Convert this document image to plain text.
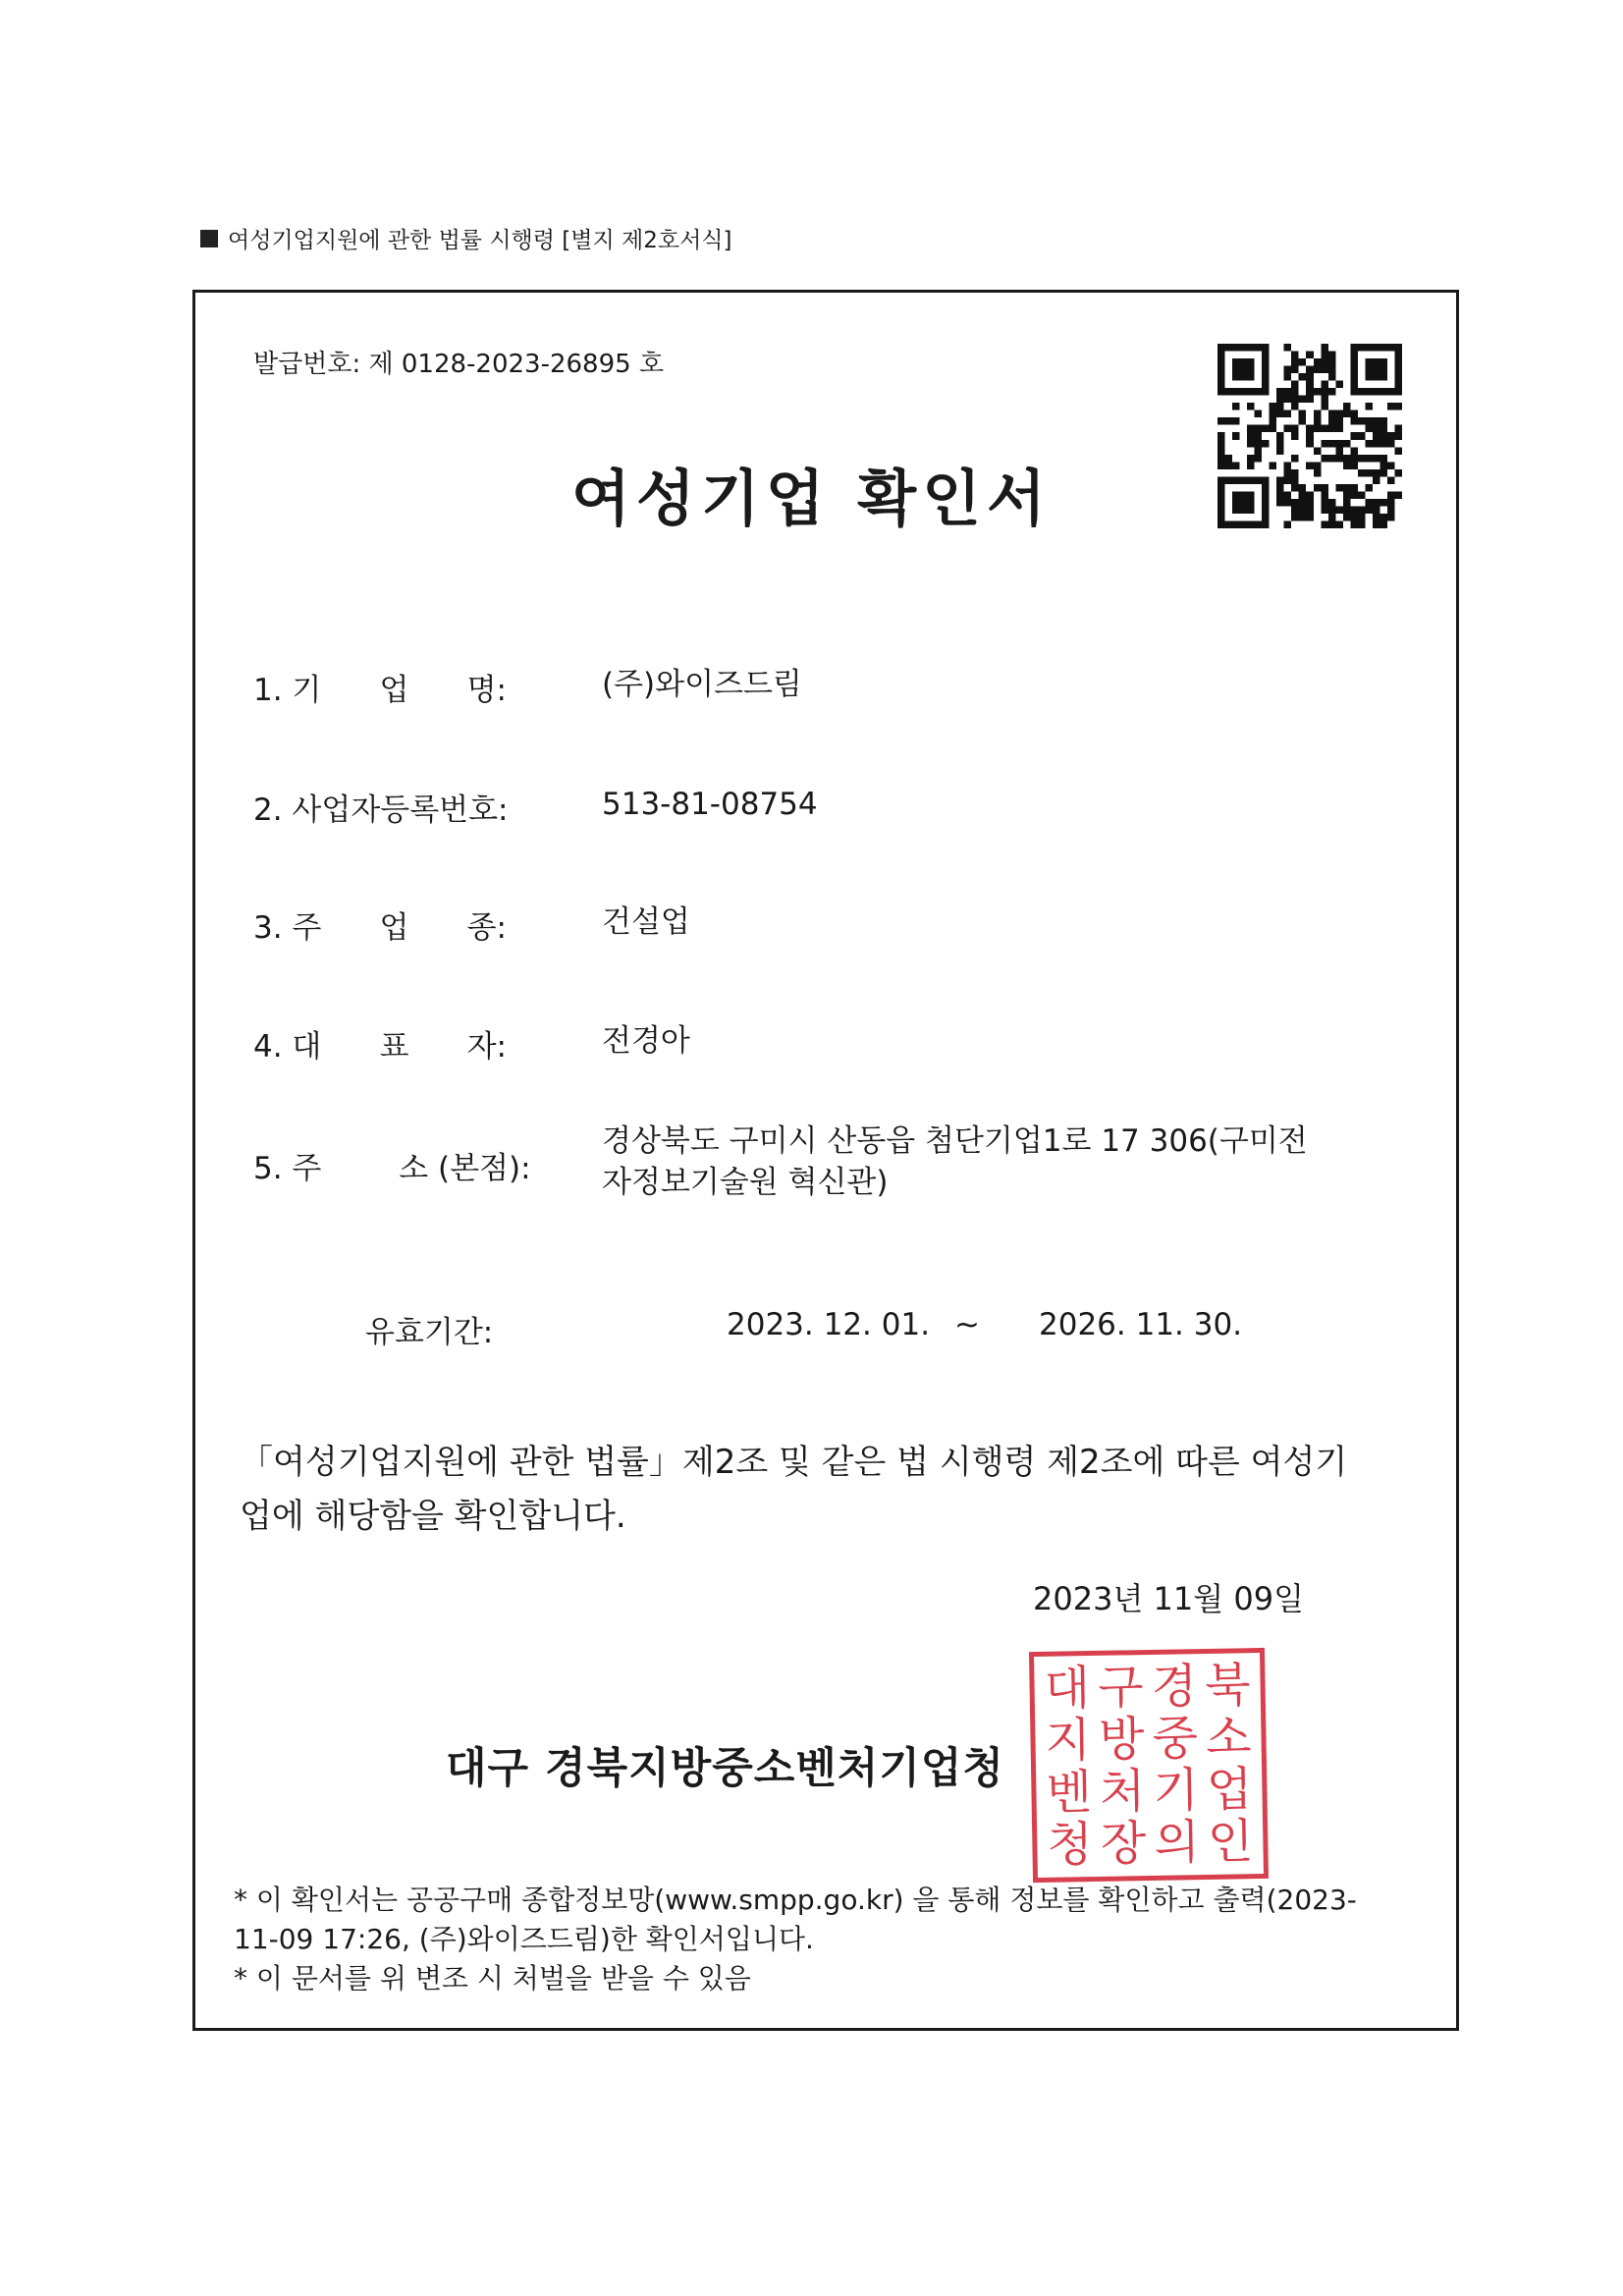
여성기업지원에 관한 법률 시행령 [별지 제2호서식]
발급번호: 제 0128-2023-26895 호
여성기업 확인서
1. 기      업      명:	(주)와이즈드림
2. 사업자등록번호:	513-81-08754
3. 주      업      종:	건설업
4. 대      표      자:	전경아
5. 주        소 (본점):
경상북도 구미시 산동읍 첨단기업1로 17 306(구미전자정보기술원 혁신관)
유효기간:	2023. 12. 01. ~ 2026. 11. 30.
「여성기업지원에 관한 법률」제2조 및 같은 법 시행령 제2조에 따른 여성기업에 해당함을 확인합니다.
2023년 11월 09일
대구 경북지방중소벤처기업청
대 구 경 북
지 방 중 소
벤 처 기 업
청 장 의 인

* 이 확인서는 공공구매 종합정보망(www.smpp.go.kr) 을 통해 정보를 확인하고 출력(2023-11-09 17:26, (주)와이즈드림)한 확인서입니다.

* 이 문서를 위 변조 시 처벌을 받을 수 있음
